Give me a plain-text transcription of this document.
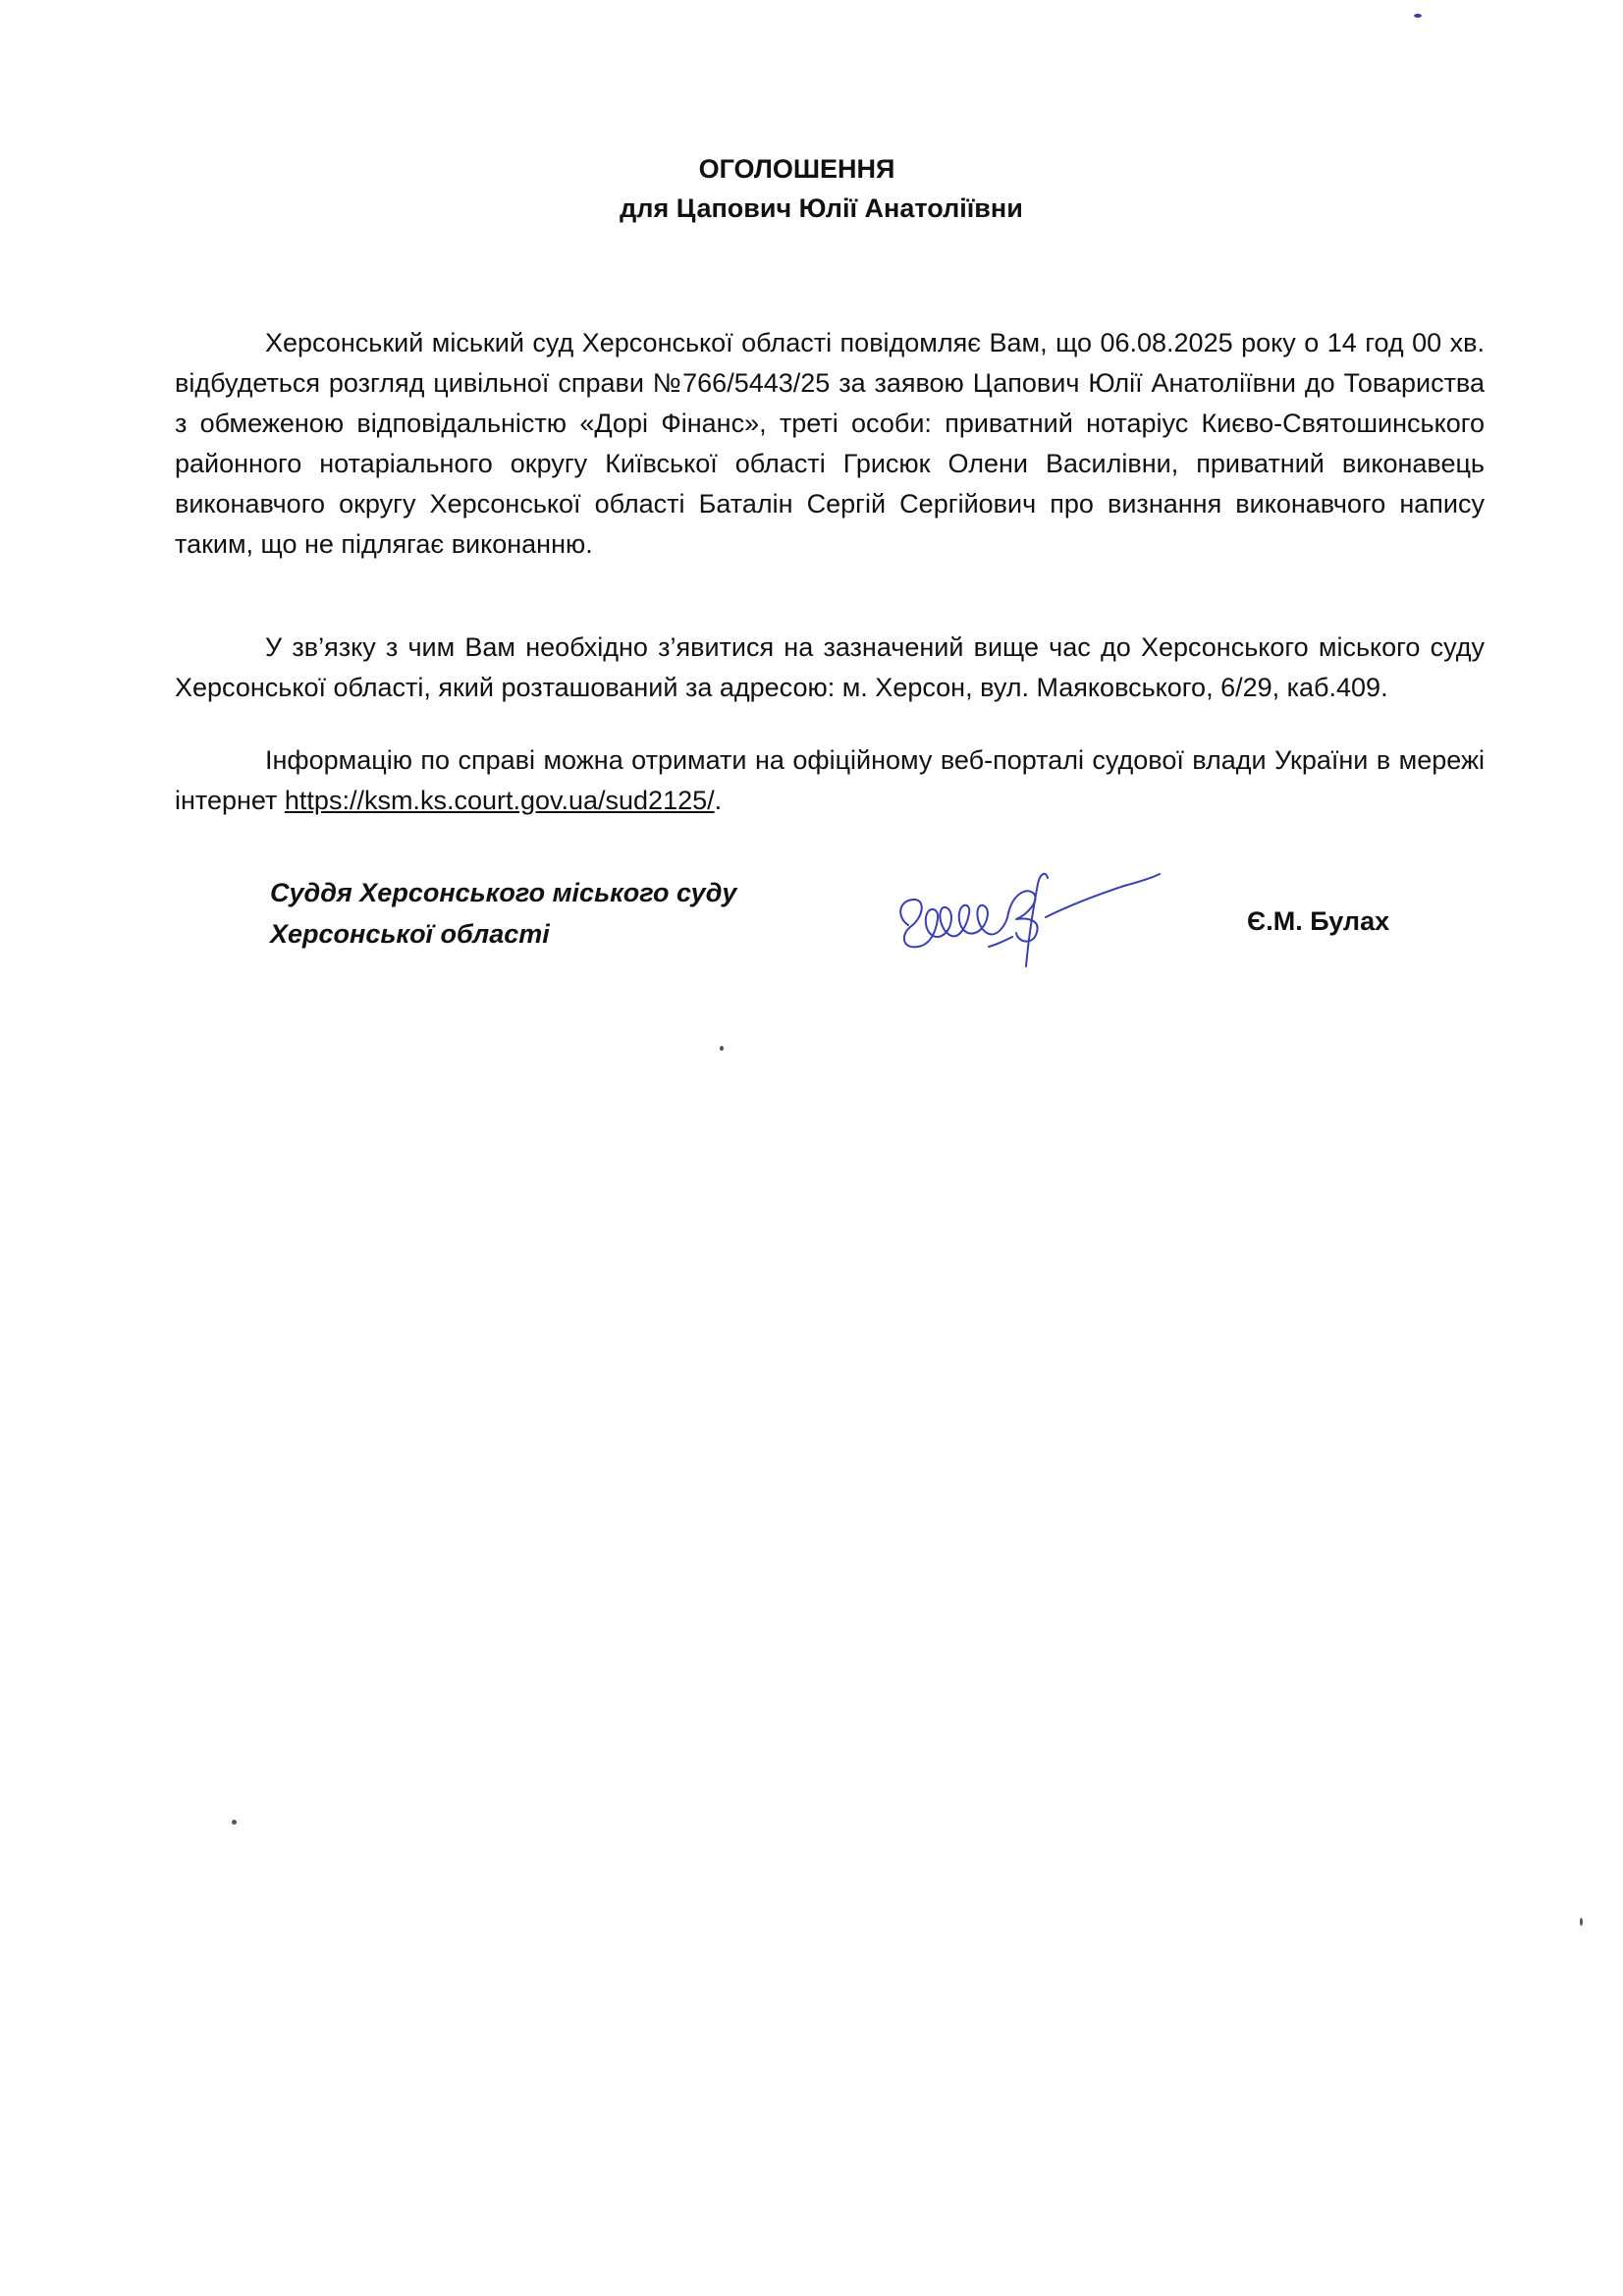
ОГОЛОШЕННЯ
для Цапович Юлії Анатоліївни

Херсонський міський суд Херсонської області повідомляє Вам, що 06.08.2025 року о 14 год 00 хв. відбудеться розгляд цивільної справи №766/5443/25 за заявою Цапович Юлії Анатоліївни до Товариства з обмеженою відповідальністю «Дорі Фінанс», треті особи: приватний нотаріус Києво-Святошинського районного нотаріального округу Київської області Грисюк Олени Василівни, приватний виконавець виконавчого округу Херсонської області Баталін Сергій Сергійович про визнання виконавчого напису таким, що не підлягає виконанню.

У зв’язку з чим Вам необхідно з’явитися на зазначений вище час до Херсонського міського суду Херсонської області, який розташований за адресою: м. Херсон, вул. Маяковського, 6/29, каб.409.

Інформацію по справі можна отримати на офіційному веб-порталі судової влади України в мережі інтернет https://ksm.ks.court.gov.ua/sud2125/.

Суддя Херсонського міського суду
Херсонської області	Є.М. Булах
